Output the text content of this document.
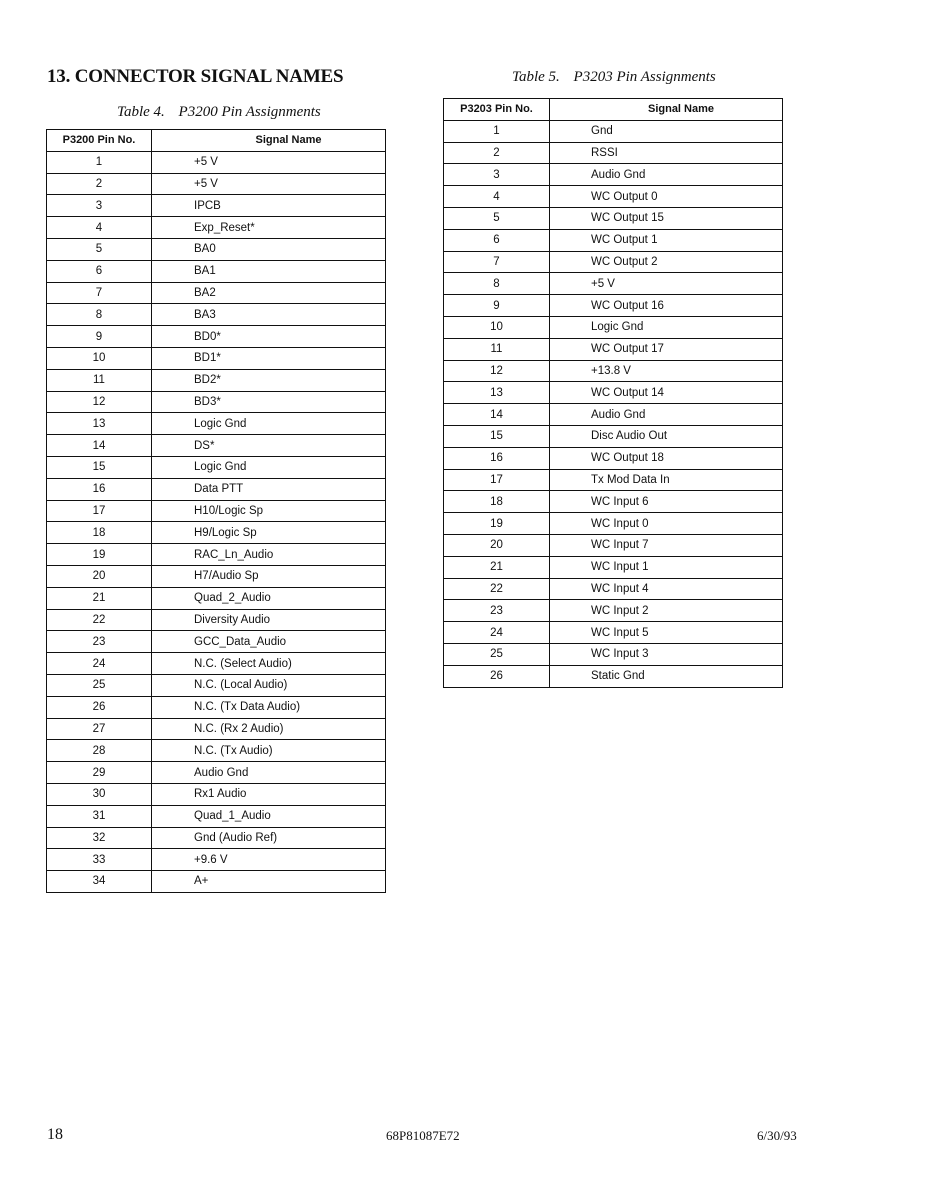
13. CONNECTOR SIGNAL NAMES
Table 4. P3200 Pin Assignments
P3200 Pin No.	Signal Name
1	+5 V
2	+5 V
3	IPCB
4	Exp_Reset*
5	BA0
6	BA1
7	BA2
8	BA3
9	BD0*
10	BD1*
11	BD2*
12	BD3*
13	Logic Gnd
14	DS*
15	Logic Gnd
16	Data PTT
17	H10/Logic Sp
18	H9/Logic Sp
19	RAC_Ln_Audio
20	H7/Audio Sp
21	Quad_2_Audio
22	Diversity Audio
23	GCC_Data_Audio
24	N.C. (Select Audio)
25	N.C. (Local Audio)
26	N.C. (Tx Data Audio)
27	N.C. (Rx 2 Audio)
28	N.C. (Tx Audio)
29	Audio Gnd
30	Rx1 Audio
31	Quad_1_Audio
32	Gnd (Audio Ref)
33	+9.6 V
34	A+
Table 5. P3203 Pin Assignments
P3203 Pin No.	Signal Name
1	Gnd
2	RSSI
3	Audio Gnd
4	WC Output 0
5	WC Output 15
6	WC Output 1
7	WC Output 2
8	+5 V
9	WC Output 16
10	Logic Gnd
11	WC Output 17
12	+13.8 V
13	WC Output 14
14	Audio Gnd
15	Disc Audio Out
16	WC Output 18
17	Tx Mod Data In
18	WC Input 6
19	WC Input 0
20	WC Input 7
21	WC Input 1
22	WC Input 4
23	WC Input 2
24	WC Input 5
25	WC Input 3
26	Static Gnd
18	68P81087E72	6/30/93
